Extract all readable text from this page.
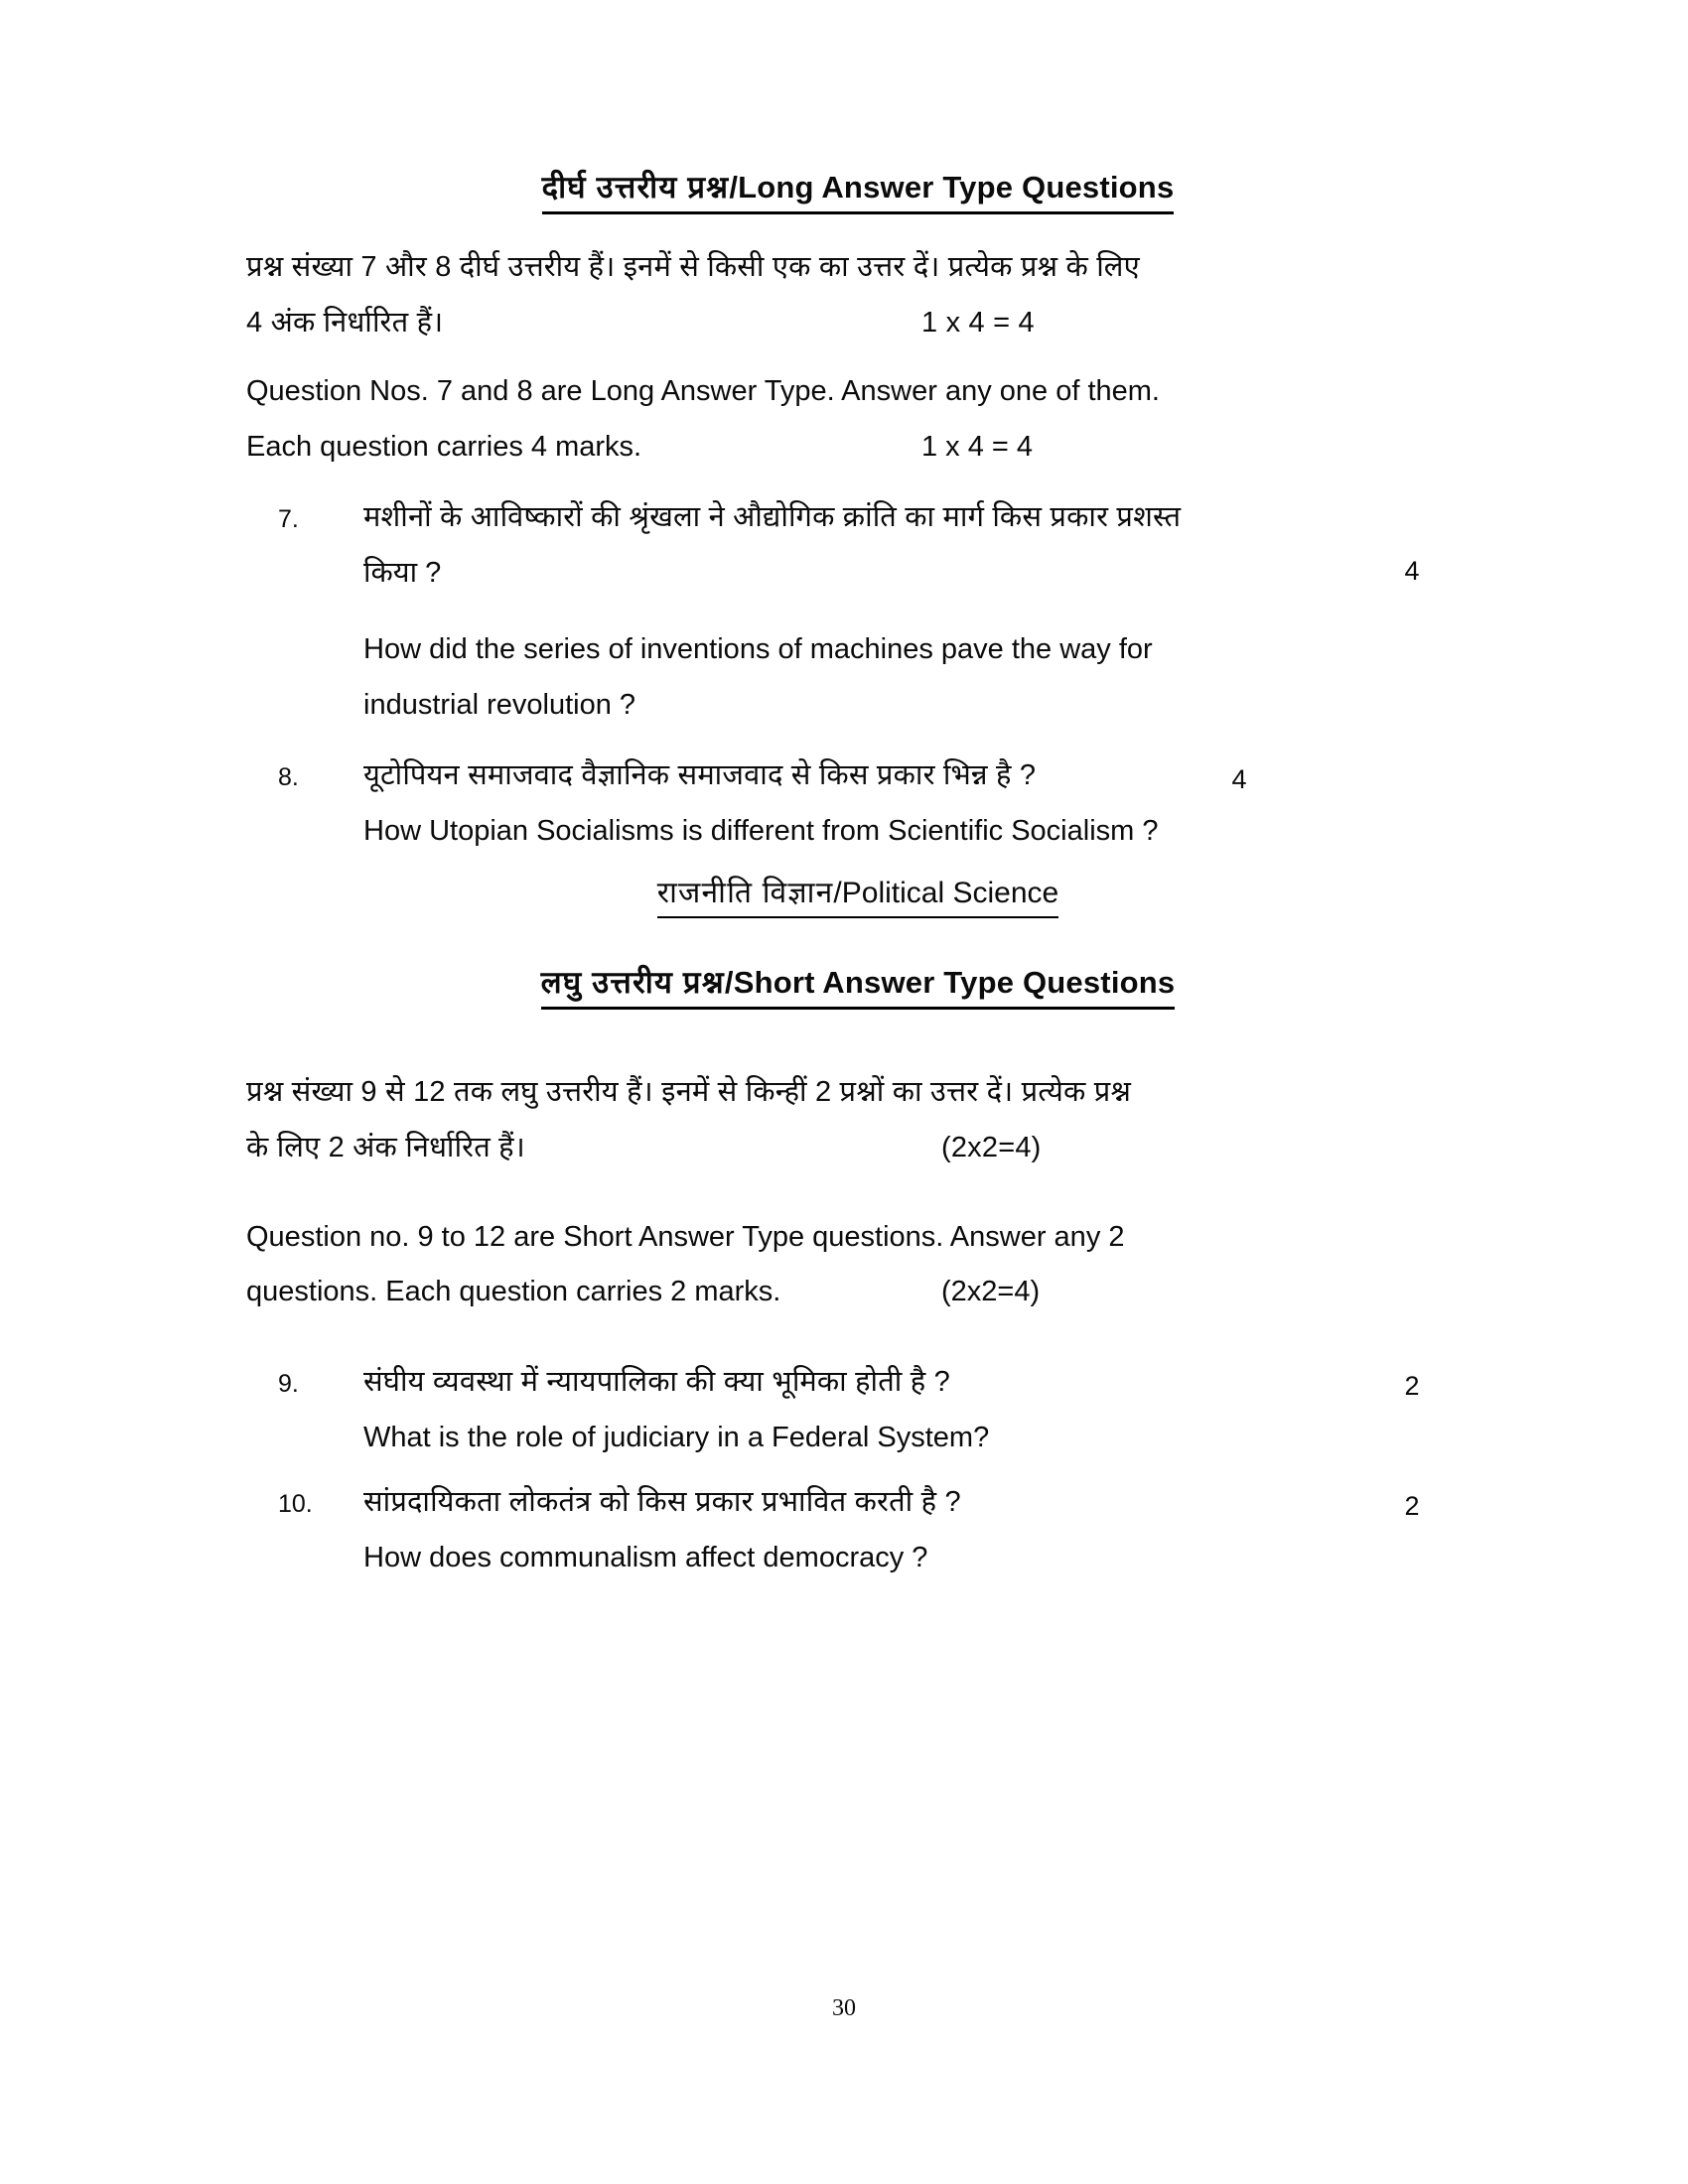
दीर्घ उत्तरीय प्रश्न/Long Answer Type Questions
प्रश्न संख्या 7 और 8 दीर्घ उत्तरीय हैं। इनमें से किसी एक का उत्तर दें। प्रत्येक प्रश्न के लिए
4 अंक निर्धारित हैं।	1 x 4 = 4
Question Nos. 7 and 8 are Long Answer Type. Answer any one of them.
Each question carries 4 marks.	1 x 4 = 4
7.	मशीनों के आविष्कारों की श्रृंखला ने औद्योगिक क्रांति का मार्ग किस प्रकार प्रशस्त
किया ?	4
How did the series of inventions of machines pave the way for
industrial revolution ?
8.	यूटोपियन समाजवाद वैज्ञानिक समाजवाद से किस प्रकार भिन्न है ?	4
How Utopian Socialisms is different from Scientific Socialism ?
राजनीति विज्ञान/Political Science
लघु उत्तरीय प्रश्न/Short Answer Type Questions
प्रश्न संख्या 9 से 12 तक लघु उत्तरीय हैं। इनमें से किन्हीं 2 प्रश्नों का उत्तर दें। प्रत्येक प्रश्न
के लिए 2 अंक निर्धारित हैं।	(2x2=4)
Question no. 9 to 12 are Short Answer Type questions. Answer any 2
questions. Each question carries 2 marks.	(2x2=4)
9.	संघीय व्यवस्था में न्यायपालिका की क्या भूमिका होती है ?	2
What is the role of judiciary in a Federal System?
10.	सांप्रदायिकता लोकतंत्र को किस प्रकार प्रभावित करती है ?	2
How does communalism affect democracy ?
30
